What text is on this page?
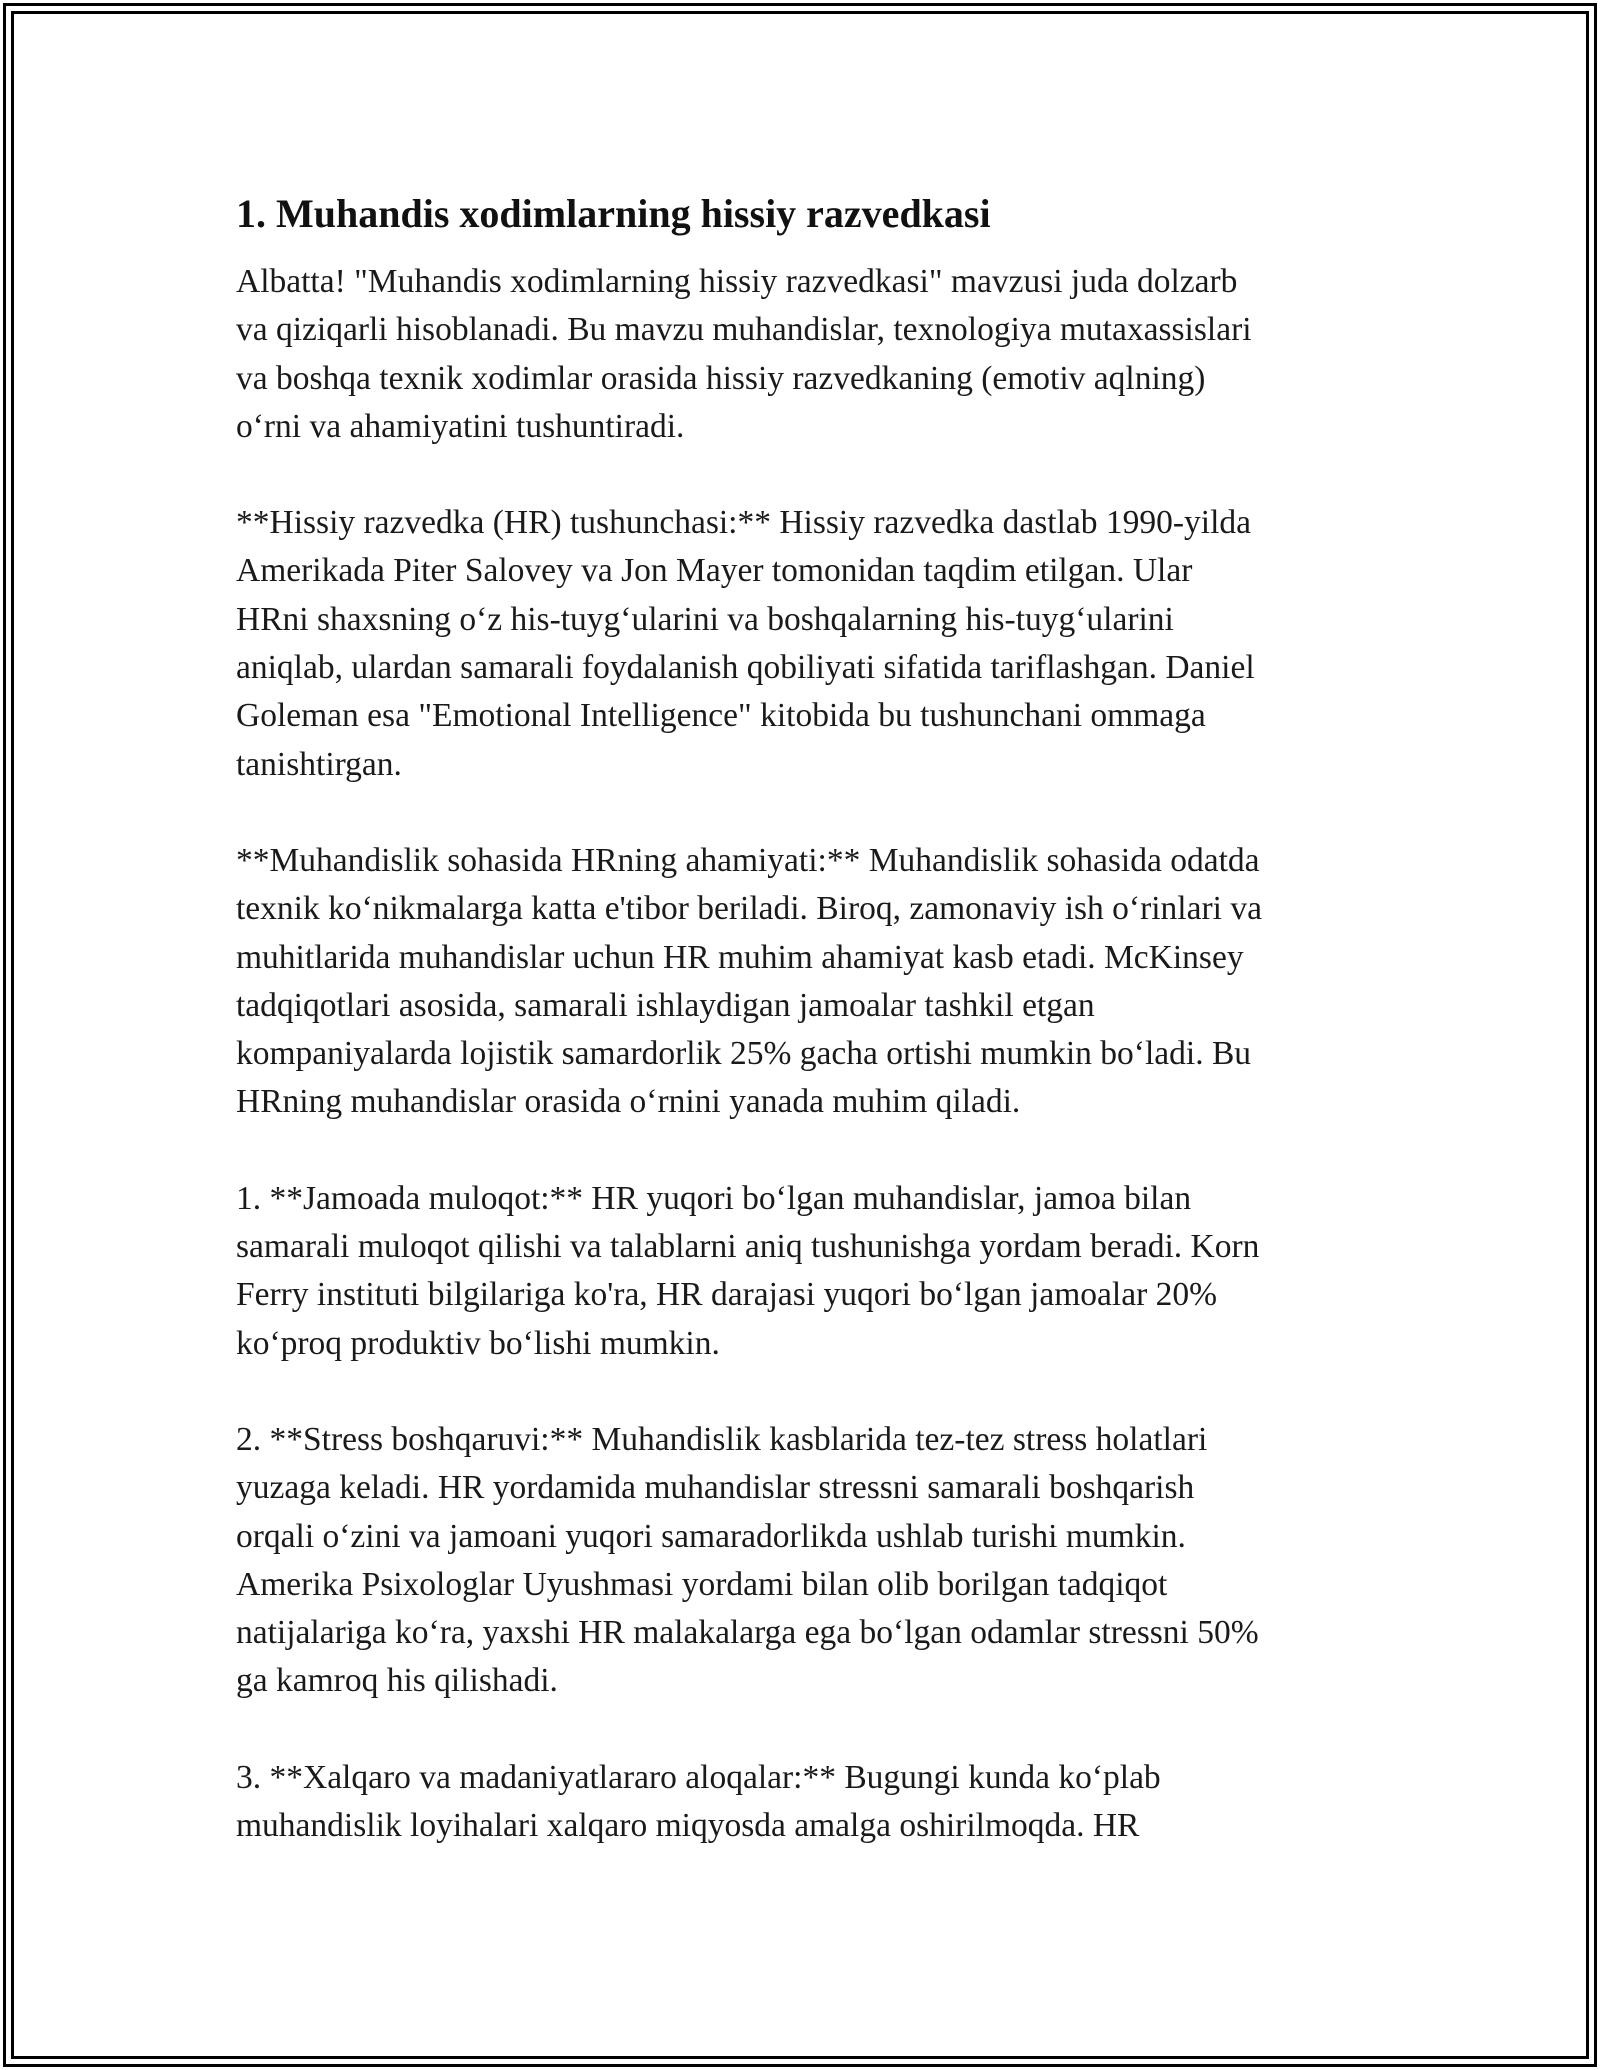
1. Muhandis xodimlarning hissiy razvedkasi

Albatta! "Muhandis xodimlarning hissiy razvedkasi" mavzusi juda dolzarb
va qiziqarli hisoblanadi. Bu mavzu muhandislar, texnologiya mutaxassislari
va boshqa texnik xodimlar orasida hissiy razvedkaning (emotiv aqlning)
o‘rni va ahamiyatini tushuntiradi.

**Hissiy razvedka (HR) tushunchasi:** Hissiy razvedka dastlab 1990-yilda
Amerikada Piter Salovey va Jon Mayer tomonidan taqdim etilgan. Ular
HRni shaxsning o‘z his-tuyg‘ularini va boshqalarning his-tuyg‘ularini
aniqlab, ulardan samarali foydalanish qobiliyati sifatida tariflashgan. Daniel
Goleman esa "Emotional Intelligence" kitobida bu tushunchani ommaga
tanishtirgan.

**Muhandislik sohasida HRning ahamiyati:** Muhandislik sohasida odatda
texnik ko‘nikmalarga katta e'tibor beriladi. Biroq, zamonaviy ish o‘rinlari va
muhitlarida muhandislar uchun HR muhim ahamiyat kasb etadi. McKinsey
tadqiqotlari asosida, samarali ishlaydigan jamoalar tashkil etgan
kompaniyalarda lojistik samardorlik 25% gacha ortishi mumkin bo‘ladi. Bu
HRning muhandislar orasida o‘rnini yanada muhim qiladi.

1. **Jamoada muloqot:** HR yuqori bo‘lgan muhandislar, jamoa bilan
samarali muloqot qilishi va talablarni aniq tushunishga yordam beradi. Korn
Ferry instituti bilgilariga ko'ra, HR darajasi yuqori bo‘lgan jamoalar 20%
ko‘proq produktiv bo‘lishi mumkin.

2. **Stress boshqaruvi:** Muhandislik kasblarida tez-tez stress holatlari
yuzaga keladi. HR yordamida muhandislar stressni samarali boshqarish
orqali o‘zini va jamoani yuqori samaradorlikda ushlab turishi mumkin.
Amerika Psixologlar Uyushmasi yordami bilan olib borilgan tadqiqot
natijalariga ko‘ra, yaxshi HR malakalarga ega bo‘lgan odamlar stressni 50%
ga kamroq his qilishadi.

3. **Xalqaro va madaniyatlararo aloqalar:** Bugungi kunda ko‘plab
muhandislik loyihalari xalqaro miqyosda amalga oshirilmoqda. HR
